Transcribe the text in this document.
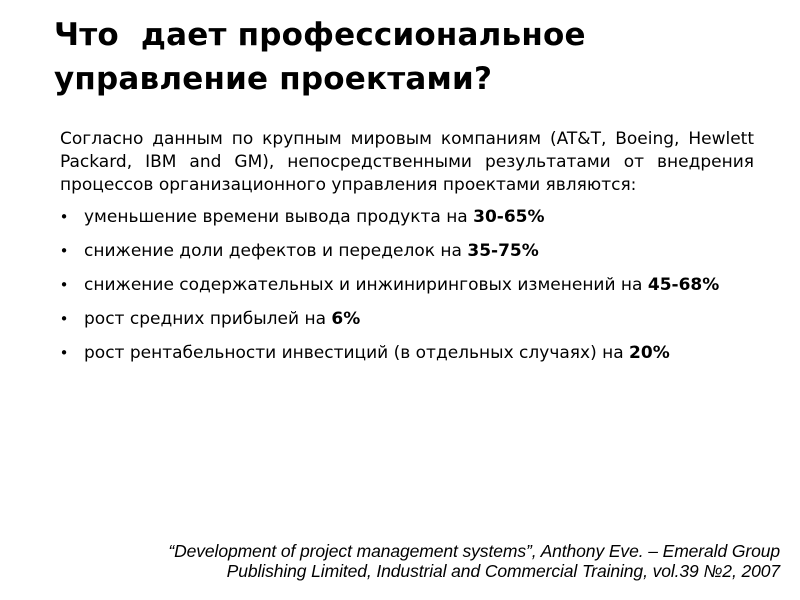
Что  дает профессиональное
управление проектами?

Согласно данным по крупным мировым компаниям (AT&T, Boeing, Hewlett Packard, IBM and GM), непосредственными результатами от внедрения процессов организационного управления проектами являются:

• уменьшение времени вывода продукта на 30-65%
• снижение доли дефектов и переделок на 35-75%
• снижение содержательных и инжиниринговых изменений на 45-68%
• рост средних прибылей на 6%
• рост рентабельности инвестиций (в отдельных случаях) на 20%
“Development of project management systems”, Anthony Eve. – Emerald Group
Publishing Limited, Industrial and Commercial Training, vol.39 №2, 2007
